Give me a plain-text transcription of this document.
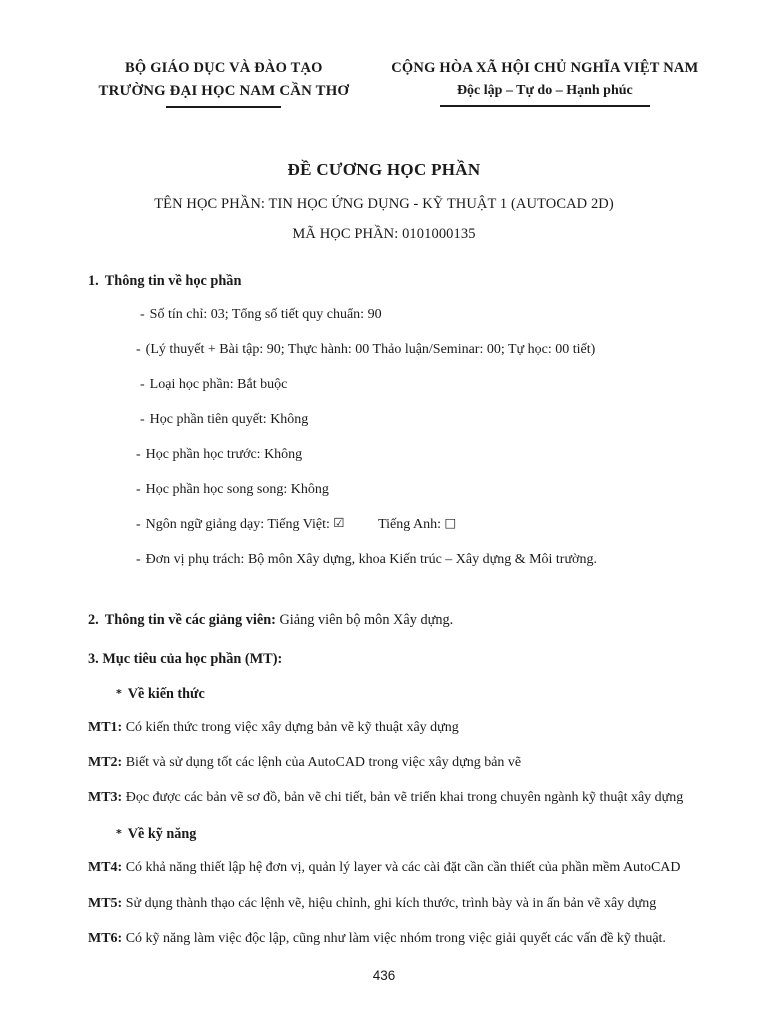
BỘ GIÁO DỤC VÀ ĐÀO TẠO
TRƯỜNG ĐẠI HỌC NAM CẦN THƠ
CỘNG HÒA XÃ HỘI CHỦ NGHĨA VIỆT NAM
Độc lập – Tự do – Hạnh phúc
ĐỀ CƯƠNG HỌC PHẦN
TÊN HỌC PHẦN: TIN HỌC ỨNG DỤNG - KỸ THUẬT 1 (AUTOCAD 2D)
MÃ HỌC PHẦN: 0101000135
1. Thông tin về học phần
- Số tín chỉ: 03; Tổng số tiết quy chuẩn: 90
- (Lý thuyết + Bài tập: 90; Thực hành: 00 Thảo luận/Seminar: 00; Tự học: 00 tiết)
- Loại học phần: Bắt buộc
- Học phần tiên quyết: Không
- Học phần học trước: Không
- Học phần học song song: Không
- Ngôn ngữ giảng dạy: Tiếng Việt: ☑ Tiếng Anh: □
- Đơn vị phụ trách: Bộ môn Xây dựng, khoa Kiến trúc – Xây dựng & Môi trường.
2. Thông tin về các giảng viên: Giảng viên bộ môn Xây dựng.
3. Mục tiêu của học phần (MT):
* Về kiến thức
MT1: Có kiến thức trong việc xây dựng bản vẽ kỹ thuật xây dựng
MT2: Biết và sử dụng tốt các lệnh của AutoCAD trong việc xây dựng bản vẽ
MT3: Đọc được các bản vẽ sơ đồ, bản vẽ chi tiết, bản vẽ triển khai trong chuyên ngành kỹ thuật xây dựng
* Về kỹ năng
MT4: Có khả năng thiết lập hệ đơn vị, quản lý layer và các cài đặt cần cần thiết của phần mềm AutoCAD
MT5: Sử dụng thành thạo các lệnh vẽ, hiệu chỉnh, ghi kích thước, trình bày và in ấn bản vẽ xây dựng
MT6: Có kỹ năng làm việc độc lập, cũng như làm việc nhóm trong việc giải quyết các vấn đề kỹ thuật.
436
